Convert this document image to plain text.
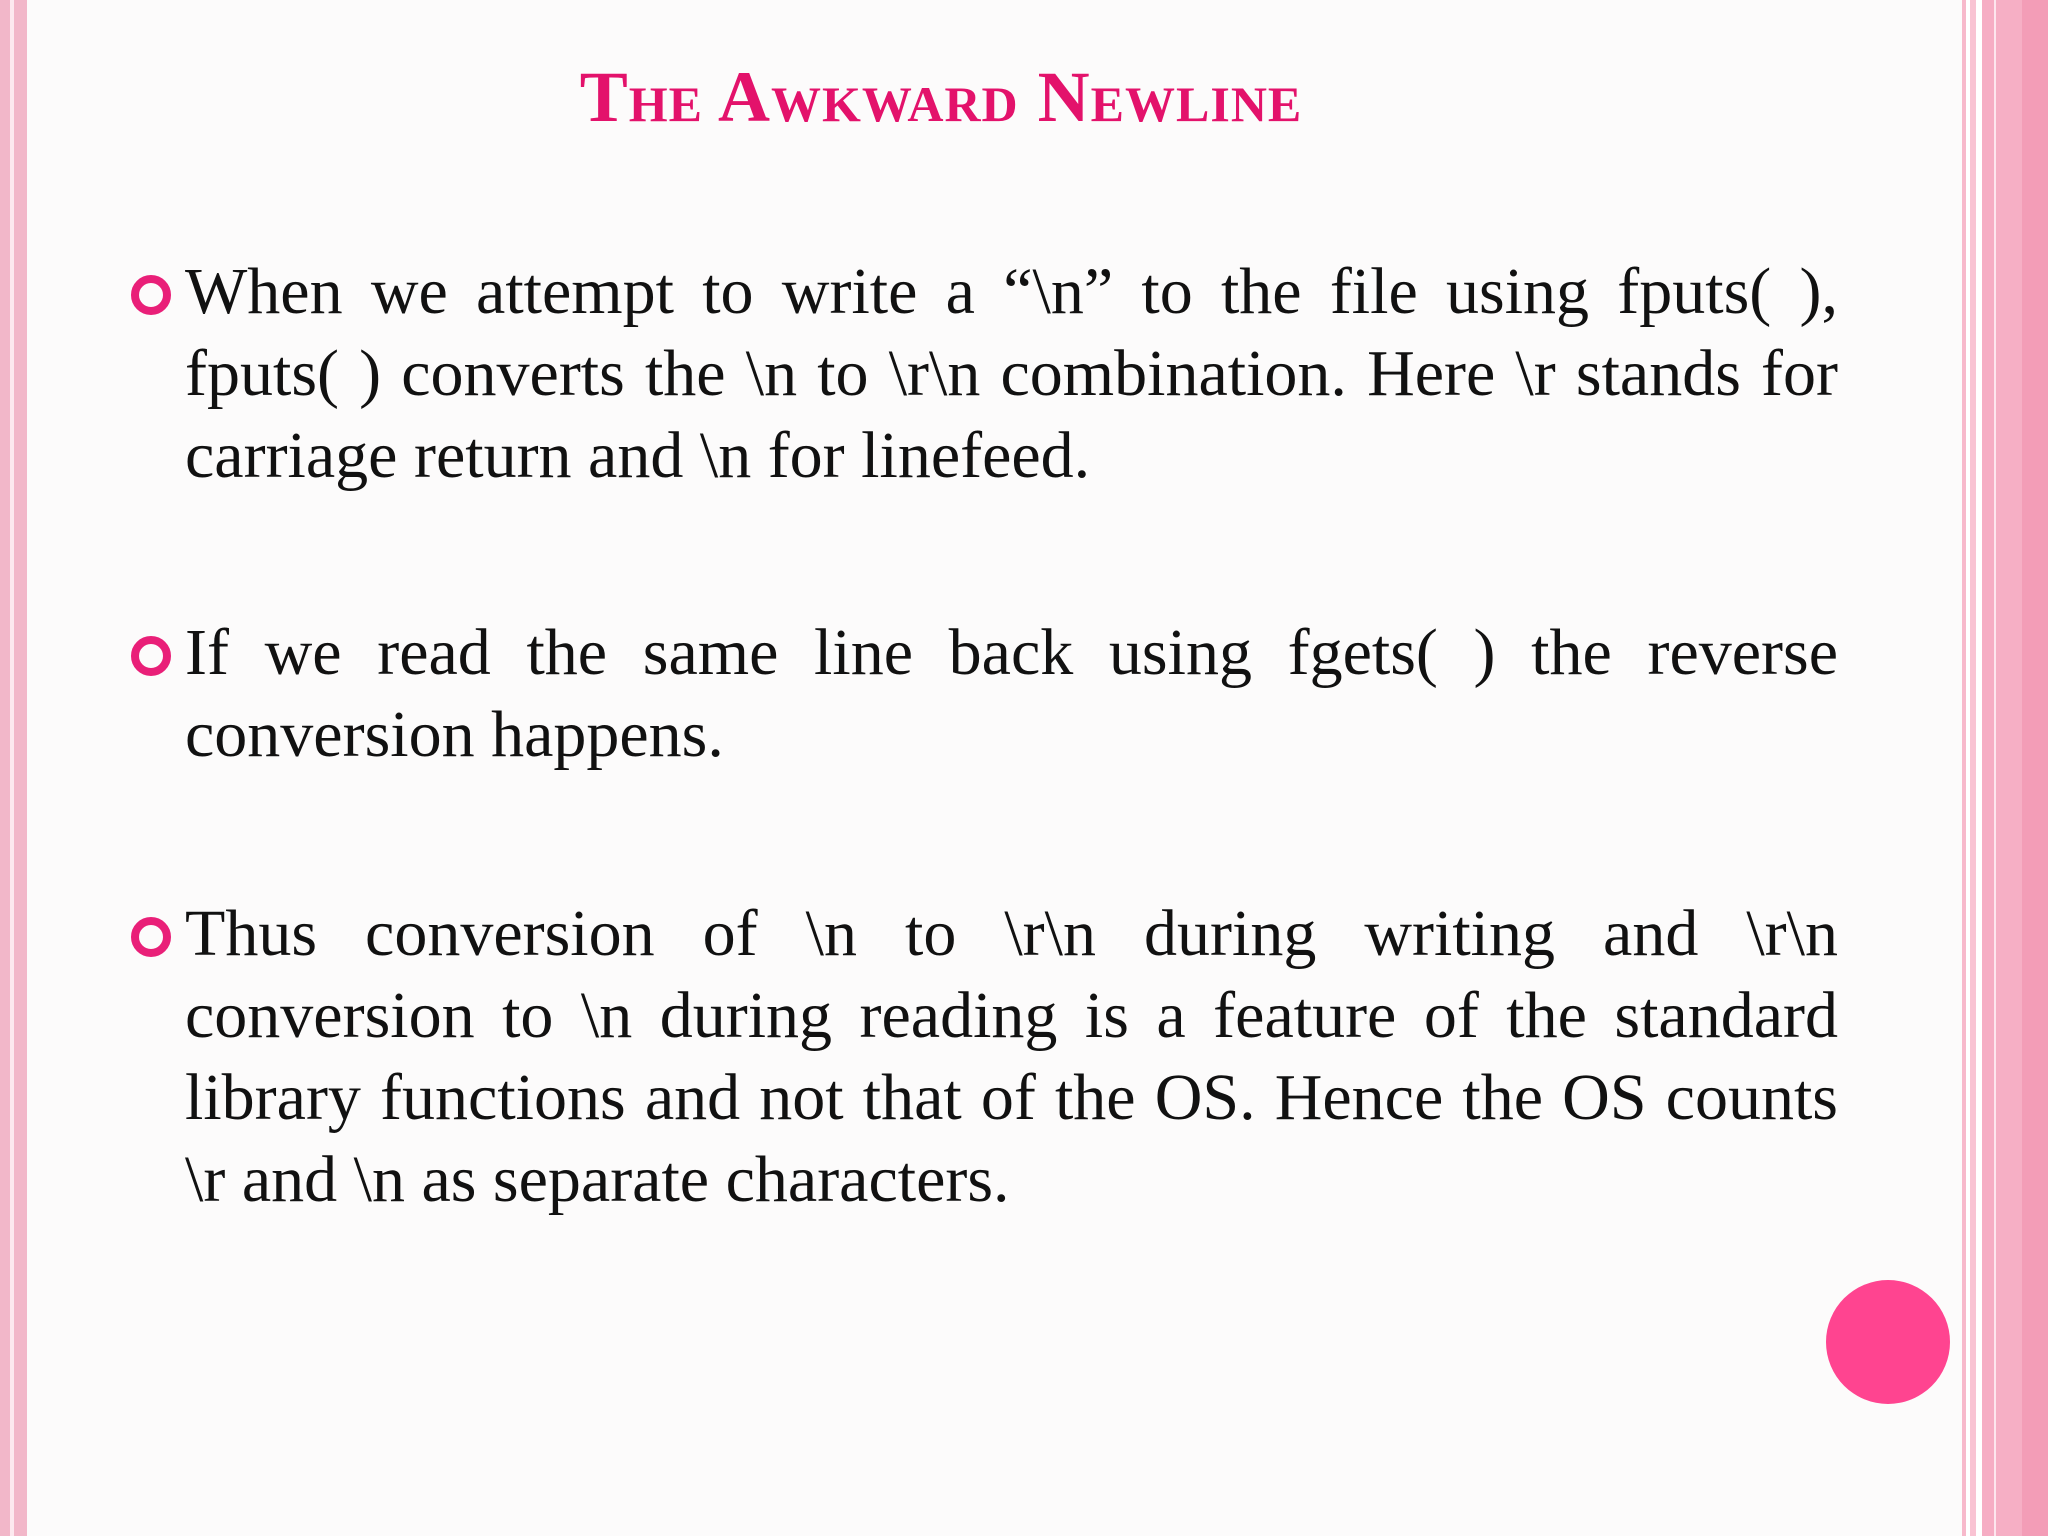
The Awkward Newline
When we attempt to write a “\n” to the file using fputs( ), fputs( ) converts the \n to \r\n combination. Here \r stands for carriage return and \n for linefeed.
If we read the same line back using fgets( ) the reverse conversion happens.
Thus conversion of \n to \r\n during writing and \r\n conversion to \n during reading is a feature of the standard library functions and not that of the OS. Hence the OS counts \r and \n as separate characters.
